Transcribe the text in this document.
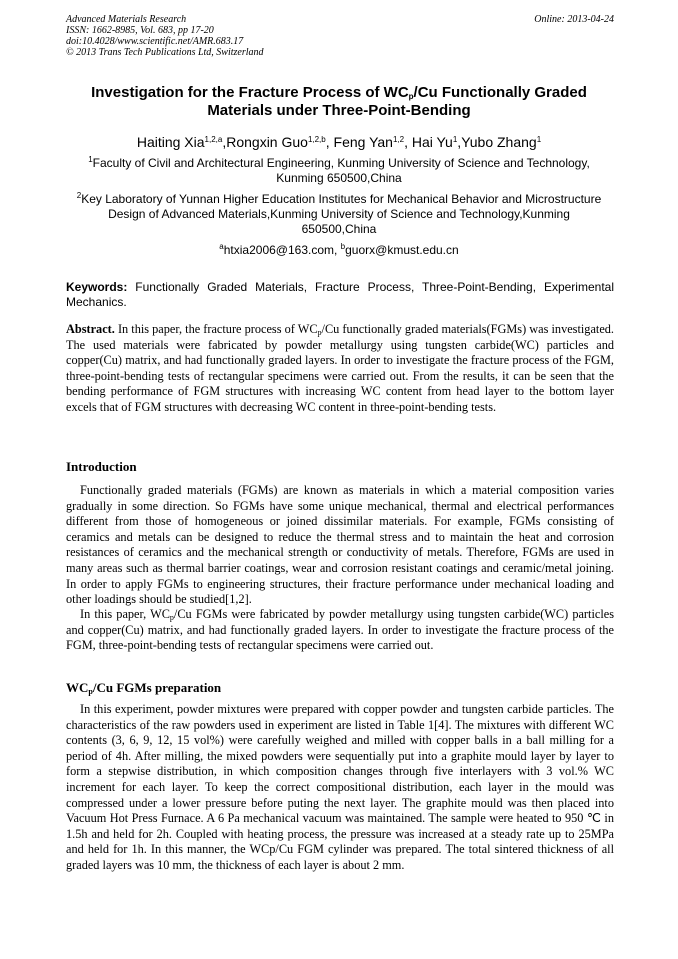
Advanced Materials Research
ISSN: 1662-8985, Vol. 683, pp 17-20
doi:10.4028/www.scientific.net/AMR.683.17
© 2013 Trans Tech Publications Ltd, Switzerland
Online: 2013-04-24
Investigation for the Fracture Process of $WC_p/Cu$ Functionally Graded
Materials under Three-Point-Bending
Haiting Xia$^{1,2,a}$,Rongxin Guo$^{1,2,b}$, Feng Yan$^{1,2}$, Hai Yu$^1$,Yubo Zhang$^1$
$^1$Faculty of Civil and Architectural Engineering, Kunming University of Science and Technology,
Kunming 650500,China
$^2$Key Laboratory of Yunnan Higher Education Institutes for Mechanical Behavior and Microstructure
Design of Advanced Materials,Kunming University of Science and Technology,Kunming
650500,China
$^a$htxia2006@163.com, $^b$guorx@kmust.edu.cn
Keywords: Functionally Graded Materials, Fracture Process, Three-Point-Bending, Experimental Mechanics.
Abstract. In this paper, the fracture process of $WC_p/Cu$ functionally graded materials(FGMs) was investigated. The used materials were fabricated by powder metallurgy using tungsten carbide(WC) particles and copper(Cu) matrix, and had functionally graded layers. In order to investigate the fracture process of the FGM, three-point-bending tests of rectangular specimens were carried out. From the results, it can be seen that the bending performance of FGM structures with increasing WC content from head layer to the bottom layer excels that of FGM structures with decreasing WC content in three-point-bending tests.
Introduction
Functionally graded materials (FGMs) are known as materials in which a material composition varies gradually in some direction. So FGMs have some unique mechanical, thermal and electrical performances different from those of homogeneous or joined dissimilar materials. For example, FGMs consisting of ceramics and metals can be designed to reduce the thermal stress and to maintain the heat and corrosion resistances of ceramics and the mechanical strength or conductivity of metals. Therefore, FGMs are used in many areas such as thermal barrier coatings, wear and corrosion resistant coatings and ceramic/metal joining. In order to apply FGMs to engineering structures, their fracture performance under mechanical loading and other loadings should be studied[1,2].
In this paper, $WC_p/Cu$ FGMs were fabricated by powder metallurgy using tungsten carbide(WC) particles and copper(Cu) matrix, and had functionally graded layers. In order to investigate the fracture process of the FGM, three-point-bending tests of rectangular specimens were carried out.
$WC_p/Cu$ FGMs preparation
In this experiment, powder mixtures were prepared with copper powder and tungsten carbide particles. The characteristics of the raw powders used in experiment are listed in Table 1[4]. The mixtures with different WC contents (3, 6, 9, 12, 15 vol%) were carefully weighed and milled with copper balls in a ball milling for a period of 4h. After milling, the mixed powders were sequentially put into a graphite mould layer by layer to form a stepwise distribution, in which composition changes through five interlayers with 3 vol.% WC increment for each layer. To keep the correct compositional distribution, each layer in the mould was compressed under a lower pressure before puting the next layer. The graphite mould was then placed into Vacuum Hot Press Furnace. A 6 Pa mechanical vacuum was maintained. The sample were heated to 950 ℃ in 1.5h and held for 2h. Coupled with heating process, the pressure was increased at a steady rate up to 25MPa and held for 1h. In this manner, the WCp/Cu FGM cylinder was prepared. The total sintered thickness of all graded layers was 10 mm, the thickness of each layer is about 2 mm.
